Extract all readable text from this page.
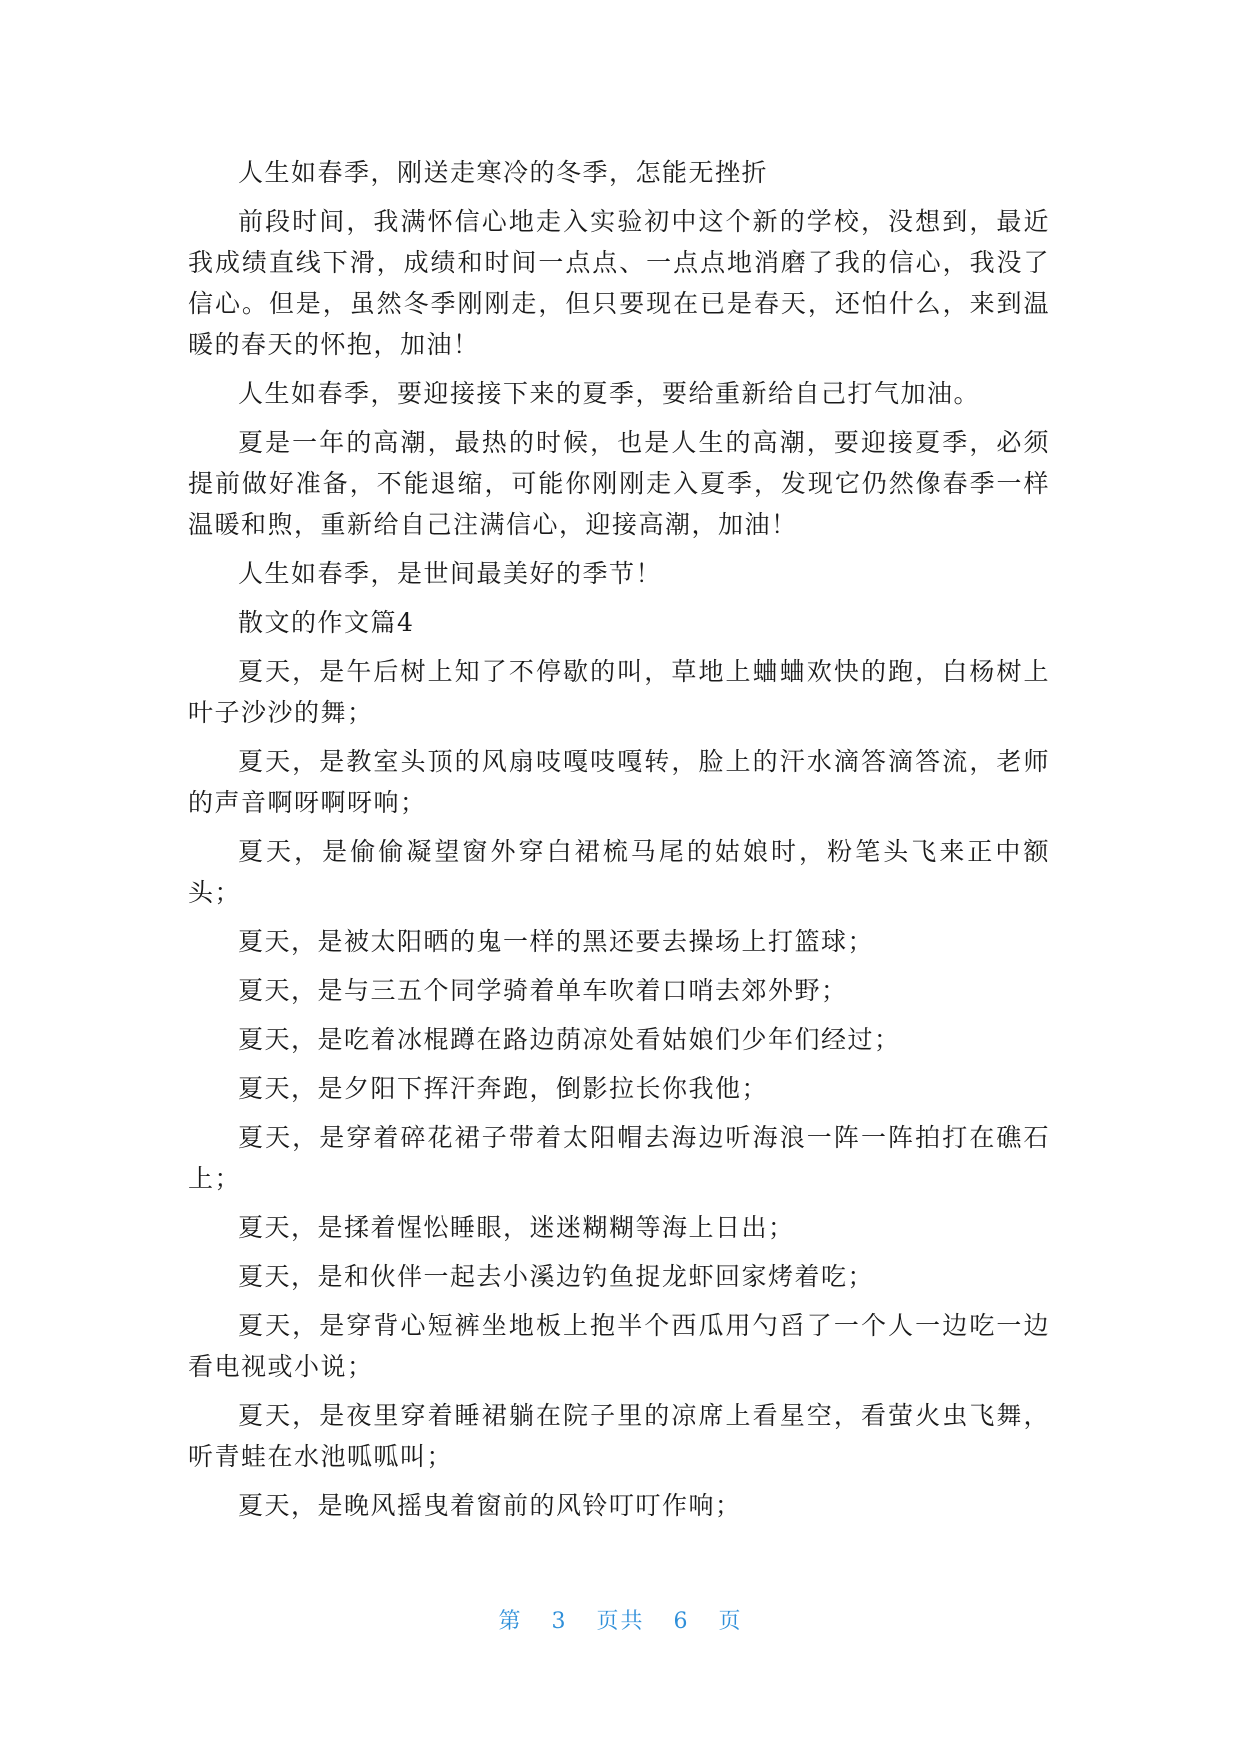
人生如春季，刚送走寒冷的冬季，怎能无挫折

前段时间，我满怀信心地走入实验初中这个新的学校，没想到，最近我成绩直线下滑，成绩和时间一点点、一点点地消磨了我的信心，我没了信心。但是，虽然冬季刚刚走，但只要现在已是春天，还怕什么，来到温暖的春天的怀抱，加油！

人生如春季，要迎接接下来的夏季，要给重新给自己打气加油。

夏是一年的高潮，最热的时候，也是人生的高潮，要迎接夏季，必须提前做好准备，不能退缩，可能你刚刚走入夏季，发现它仍然像春季一样温暖和煦，重新给自己注满信心，迎接高潮，加油！

人生如春季，是世间最美好的季节！

散文的作文篇4

夏天，是午后树上知了不停歇的叫，草地上蛐蛐欢快的跑，白杨树上叶子沙沙的舞；

夏天，是教室头顶的风扇吱嘎吱嘎转，脸上的汗水滴答滴答流，老师的声音啊呀啊呀响；

夏天，是偷偷凝望窗外穿白裙梳马尾的姑娘时，粉笔头飞来正中额头；

夏天，是被太阳晒的鬼一样的黑还要去操场上打篮球；

夏天，是与三五个同学骑着单车吹着口哨去郊外野；

夏天，是吃着冰棍蹲在路边荫凉处看姑娘们少年们经过；

夏天，是夕阳下挥汗奔跑，倒影拉长你我他；

夏天，是穿着碎花裙子带着太阳帽去海边听海浪一阵一阵拍打在礁石上；

夏天，是揉着惺忪睡眼，迷迷糊糊等海上日出；

夏天，是和伙伴一起去小溪边钓鱼捉龙虾回家烤着吃；

夏天，是穿背心短裤坐地板上抱半个西瓜用勺舀了一个人一边吃一边看电视或小说；

夏天，是夜里穿着睡裙躺在院子里的凉席上看星空，看萤火虫飞舞，听青蛙在水池呱呱叫；

夏天，是晚风摇曳着窗前的风铃叮叮作响；

第 3 页共 6 页
